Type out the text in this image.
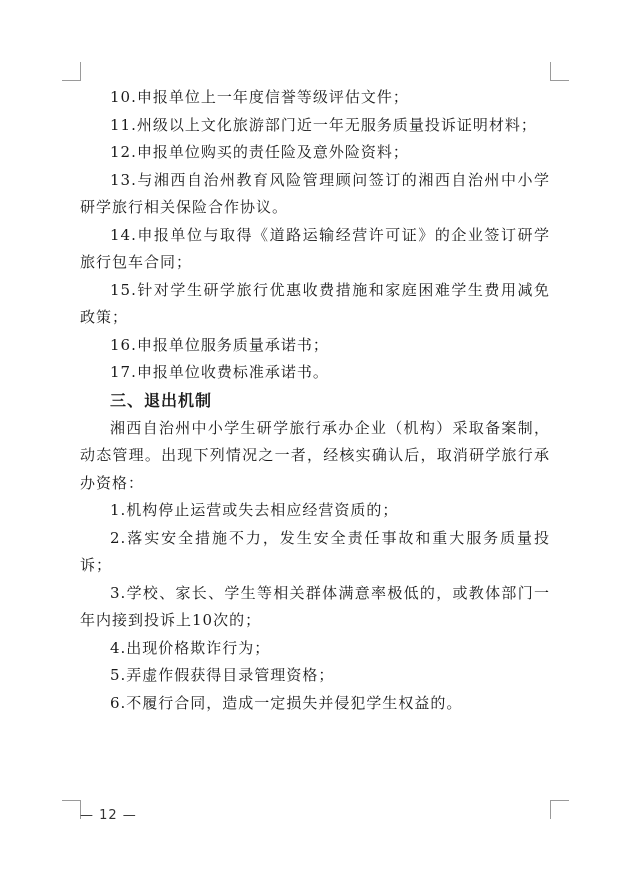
10.申报单位上一年度信誉等级评估文件；

11.州级以上文化旅游部门近一年无服务质量投诉证明材料；

12.申报单位购买的责任险及意外险资料；

13.与湘西自治州教育风险管理顾问签订的湘西自治州中小学研学旅行相关保险合作协议。

14.申报单位与取得《道路运输经营许可证》的企业签订研学旅行包车合同；

15.针对学生研学旅行优惠收费措施和家庭困难学生费用减免政策；

16.申报单位服务质量承诺书；

17.申报单位收费标准承诺书。

三、退出机制

湘西自治州中小学生研学旅行承办企业（机构）采取备案制，动态管理。出现下列情况之一者，经核实确认后，取消研学旅行承办资格：

1.机构停止运营或失去相应经营资质的；

2.落实安全措施不力，发生安全责任事故和重大服务质量投诉；

3.学校、家长、学生等相关群体满意率极低的，或教体部门一年内接到投诉上10次的；

4.出现价格欺诈行为；

5.弄虚作假获得目录管理资格；

6.不履行合同，造成一定损失并侵犯学生权益的。

— 12 —
